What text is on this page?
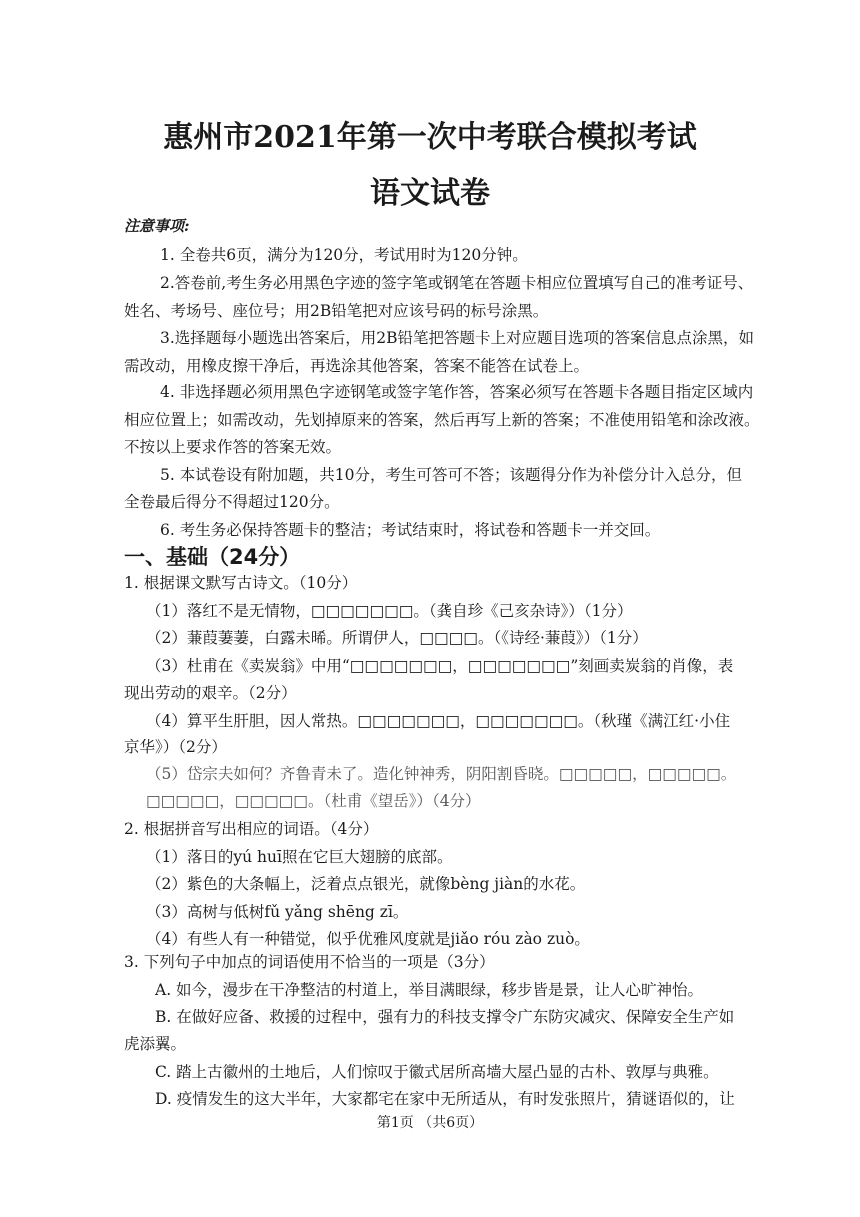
惠州市2021年第一次中考联合模拟考试
语文试卷
注意事项:
1. 全卷共6页，满分为120分，考试用时为120分钟。
2.答卷前,考生务必用黑色字迹的签字笔或钢笔在答题卡相应位置填写自己的准考证号、
姓名、考场号、座位号；用2B铅笔把对应该号码的标号涂黑。
3.选择题每小题选出答案后，用2B铅笔把答题卡上对应题目选项的答案信息点涂黑，如
需改动，用橡皮擦干净后，再选涂其他答案，答案不能答在试卷上。
4. 非选择题必须用黑色字迹钢笔或签字笔作答，答案必须写在答题卡各题目指定区域内
相应位置上；如需改动，先划掉原来的答案，然后再写上新的答案；不准使用铅笔和涂改液。
不按以上要求作答的答案无效。
5. 本试卷设有附加题，共10分，考生可答可不答；该题得分作为补偿分计入总分，但
全卷最后得分不得超过120分。
6. 考生务必保持答题卡的整洁；考试结束时，将试卷和答题卡一并交回。
一、基础（24分）
1. 根据课文默写古诗文。（10分）
（1）落红不是无情物，□□□□□□□。（龚自珍《己亥杂诗》）（1分）
（2）蒹葭萋萋，白露未晞。所谓伊人，□□□□。（《诗经·蒹葭》）（1分）
（3）杜甫在《卖炭翁》中用“□□□□□□□，□□□□□□□”刻画卖炭翁的肖像，表
现出劳动的艰辛。（2分）
（4）算平生肝胆，因人常热。□□□□□□□，□□□□□□□。（秋瑾《满江红·小住
京华》）（2分）
（5）岱宗夫如何？齐鲁青未了。造化钟神秀，阴阳割昏晓。□□□□□，□□□□□。
□□□□□，□□□□□。（杜甫《望岳》）（4分）
2. 根据拼音写出相应的词语。（4分）
（1）落日的yú huī照在它巨大翅膀的底部。
（2）紫色的大条幅上，泛着点点银光，就像bèng jiàn的水花。
（3）高树与低树fǔ yǎng shēng zī。
（4）有些人有一种错觉，似乎优雅风度就是jiǎo róu zào zuò。
3. 下列句子中加点的词语使用不恰当的一项是（3分）
A. 如今，漫步在干净整洁的村道上，举目满眼绿，移步皆是景，让人心旷神怡。
B. 在做好应备、救援的过程中，强有力的科技支撑令广东防灾减灾、保障安全生产如
虎添翼。
C. 踏上古徽州的土地后，人们惊叹于徽式居所高墙大屋凸显的古朴、敦厚与典雅。
D. 疫情发生的这大半年，大家都宅在家中无所适从，有时发张照片，猜谜语似的，让
第1页 （共6页）
